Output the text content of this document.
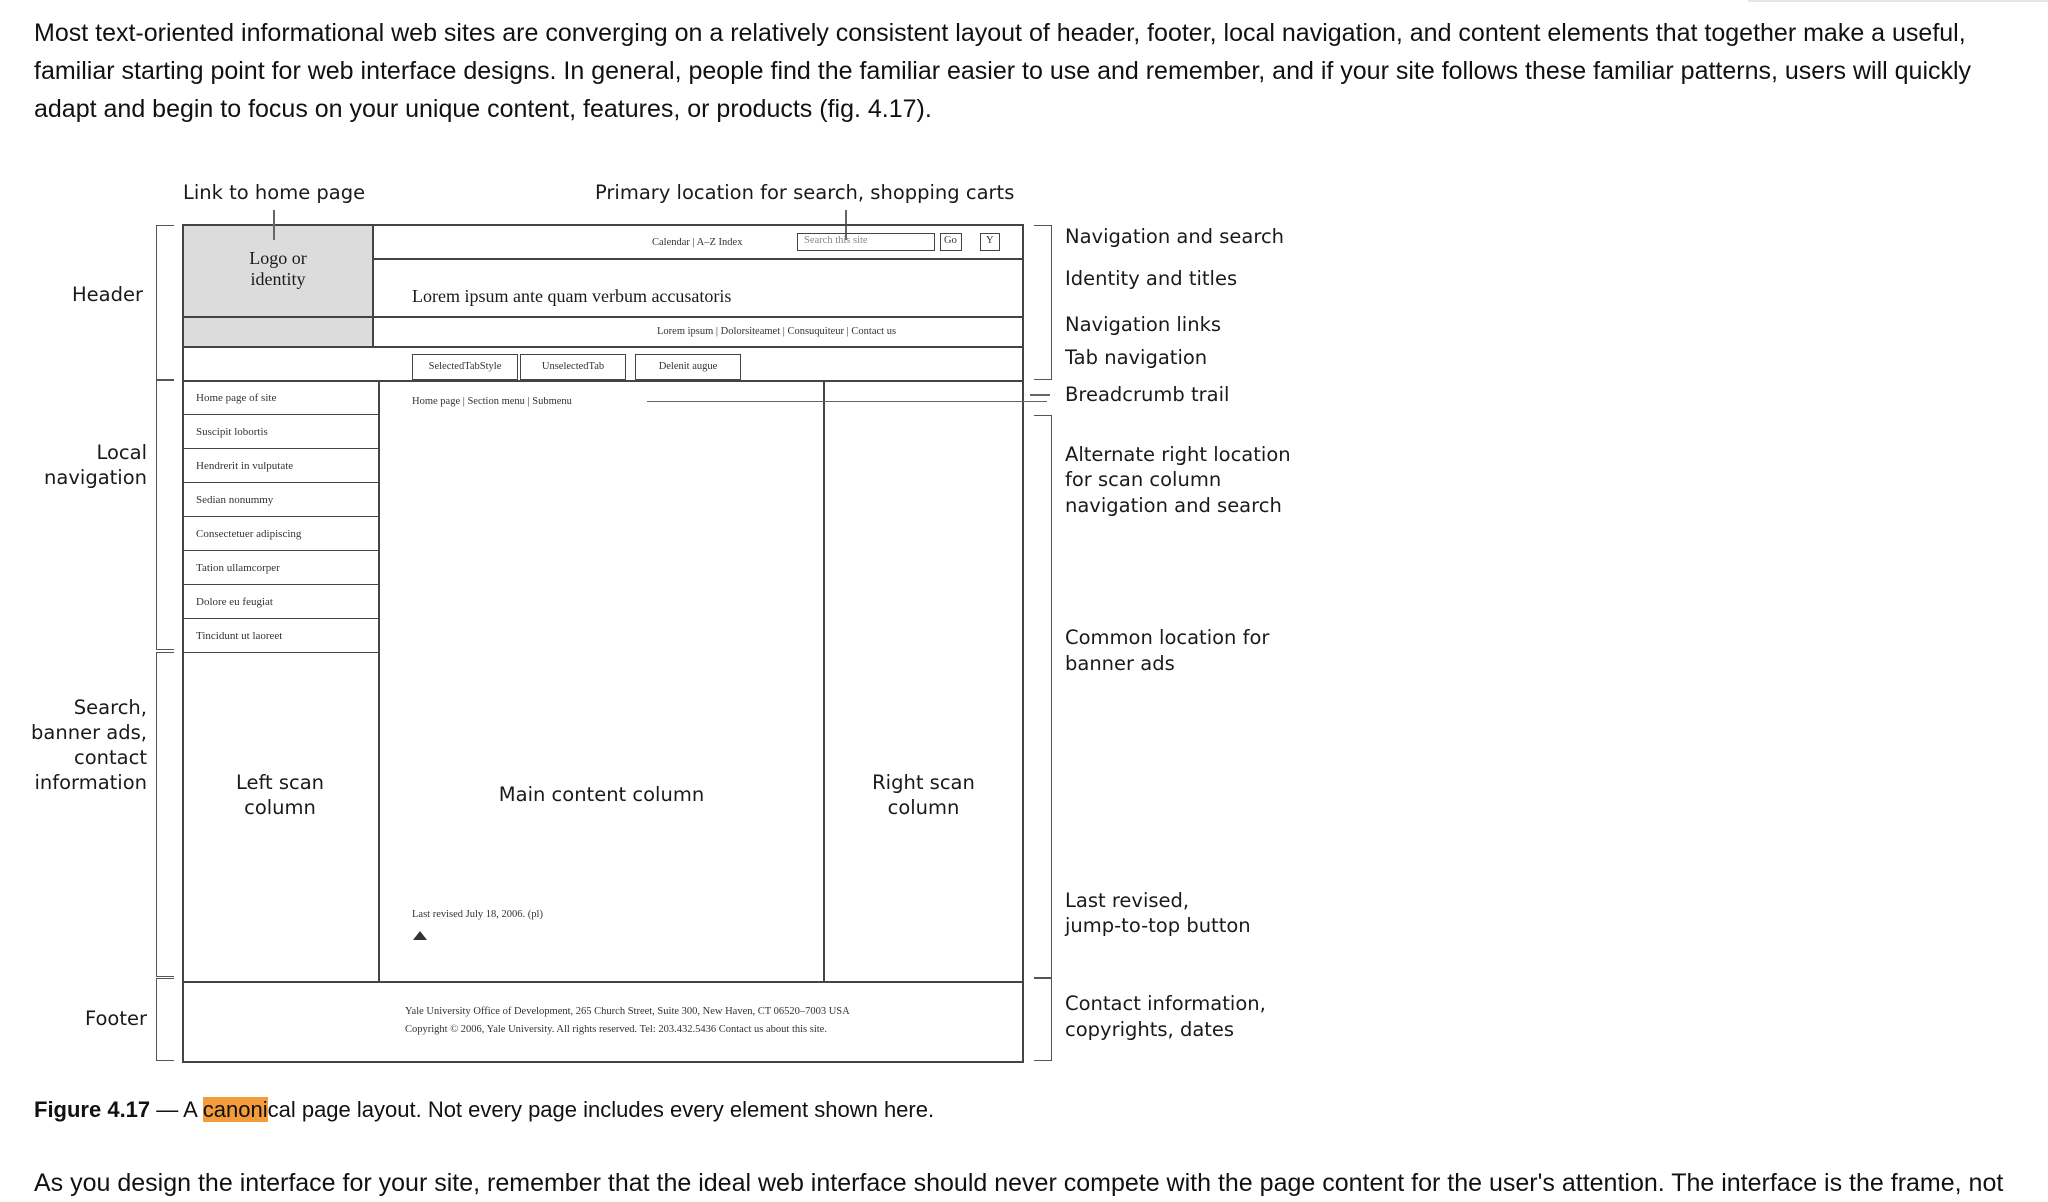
Most text-oriented informational web sites are converging on a relatively consistent layout of header, footer, local navigation, and content elements that together make a useful, familiar starting point for web interface designs. In general, people find the familiar easier to use and remember, and if your site follows these familiar patterns, users will quickly adapt and begin to focus on your unique content, features, or products (fig. 4.17).

Link to home page	Primary location for search, shopping carts
Header
Local
navigation
Search,
banner ads,
contact
information
Footer
Navigation and search
Identity and titles
Navigation links
Tab navigation
Breadcrumb trail
Alternate right location
for scan column
navigation and search
Common location for
banner ads
Last revised,
jump-to-top button
Contact information,
copyrights, dates
Logo or
identity
Calendar | A–Z Index	Search this site	Go	Y
Lorem ipsum ante quam verbum accusatoris
Lorem ipsum | Dolorsiteamet | Consuquiteur | Contact us
SelectedTabStyle	UnselectedTab	Delenit augue
Home page | Section menu | Submenu
Home page of site
Suscipit lobortis
Hendrerit in vulputate
Sedian nonummy
Consectetuer adipiscing
Tation ullamcorper
Dolore eu feugiat
Tincidunt ut laoreet
Left scan
column
Main content column
Right scan
column
Last revised July 18, 2006. (pl)
Yale University Office of Development, 265 Church Street, Suite 300, New Haven, CT 06520–7003 USA
Copyright © 2006, Yale University. All rights reserved. Tel: 203.432.5436 Contact us about this site.
Figure 4.17 — A canonical page layout. Not every page includes every element shown here.

As you design the interface for your site, remember that the ideal web interface should never compete with the page content for the user's attention. The interface is the frame, not
